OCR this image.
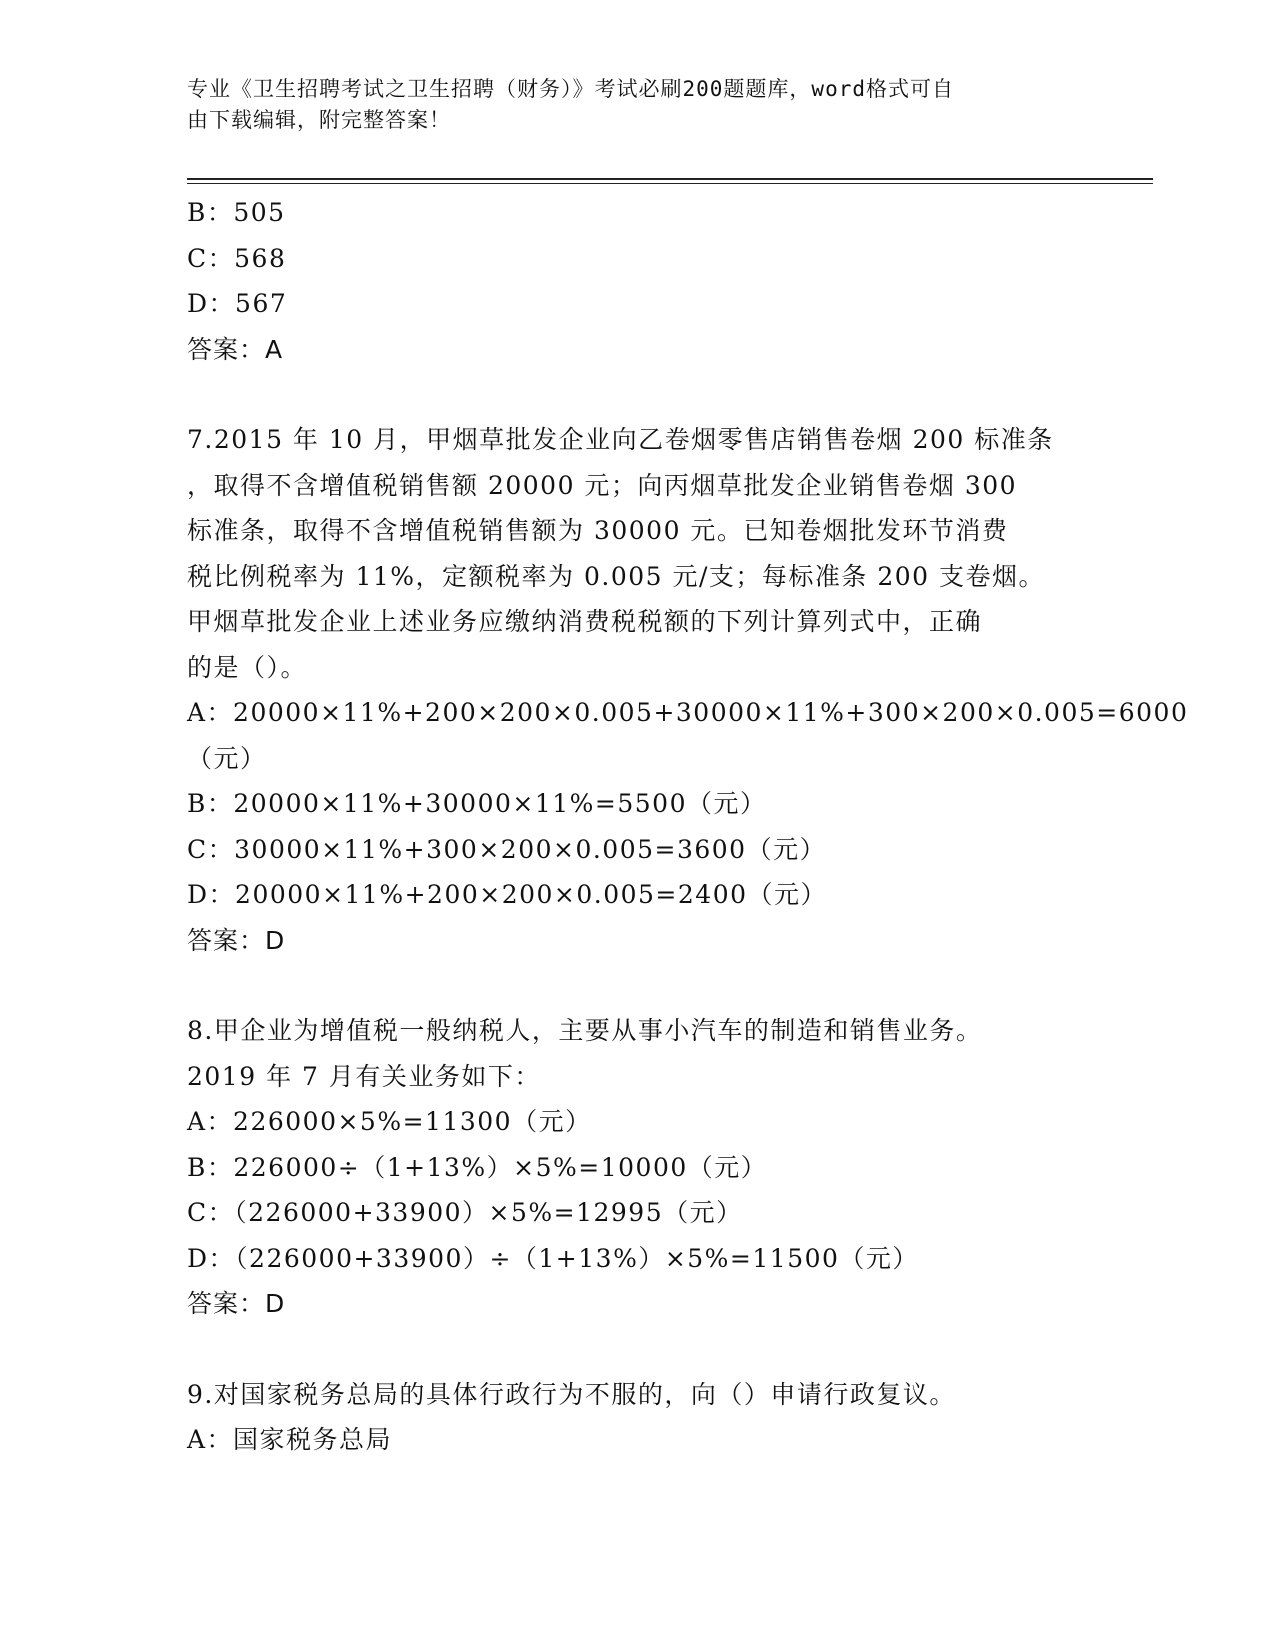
专业《卫生招聘考试之卫生招聘（财务）》考试必刷200题题库，word格式可自
由下载编辑，附完整答案！
B：505
C：568
D：567
答案：A
7.2015 年 10 月，甲烟草批发企业向乙卷烟零售店销售卷烟 200 标准条
，取得不含增值税销售额 20000 元；向丙烟草批发企业销售卷烟 300
标准条，取得不含增值税销售额为 30000 元。已知卷烟批发环节消费
税比例税率为 11%，定额税率为 0.005 元/支；每标准条 200 支卷烟。
甲烟草批发企业上述业务应缴纳消费税税额的下列计算列式中，正确
的是（）。
A：20000×11%+200×200×0.005+30000×11%+300×200×0.005=6000
（元）
B：20000×11%+30000×11%=5500（元）
C：30000×11%+300×200×0.005=3600（元）
D：20000×11%+200×200×0.005=2400（元）
答案：D
8.甲企业为增值税一般纳税人，主要从事小汽车的制造和销售业务。
2019 年 7 月有关业务如下：
A：226000×5%=11300（元）
B：226000÷（1+13%）×5%=10000（元）
C：（226000+33900）×5%=12995（元）
D：（226000+33900）÷（1+13%）×5%=11500（元）
答案：D
9.对国家税务总局的具体行政行为不服的，向（）申请行政复议。
A：国家税务总局
